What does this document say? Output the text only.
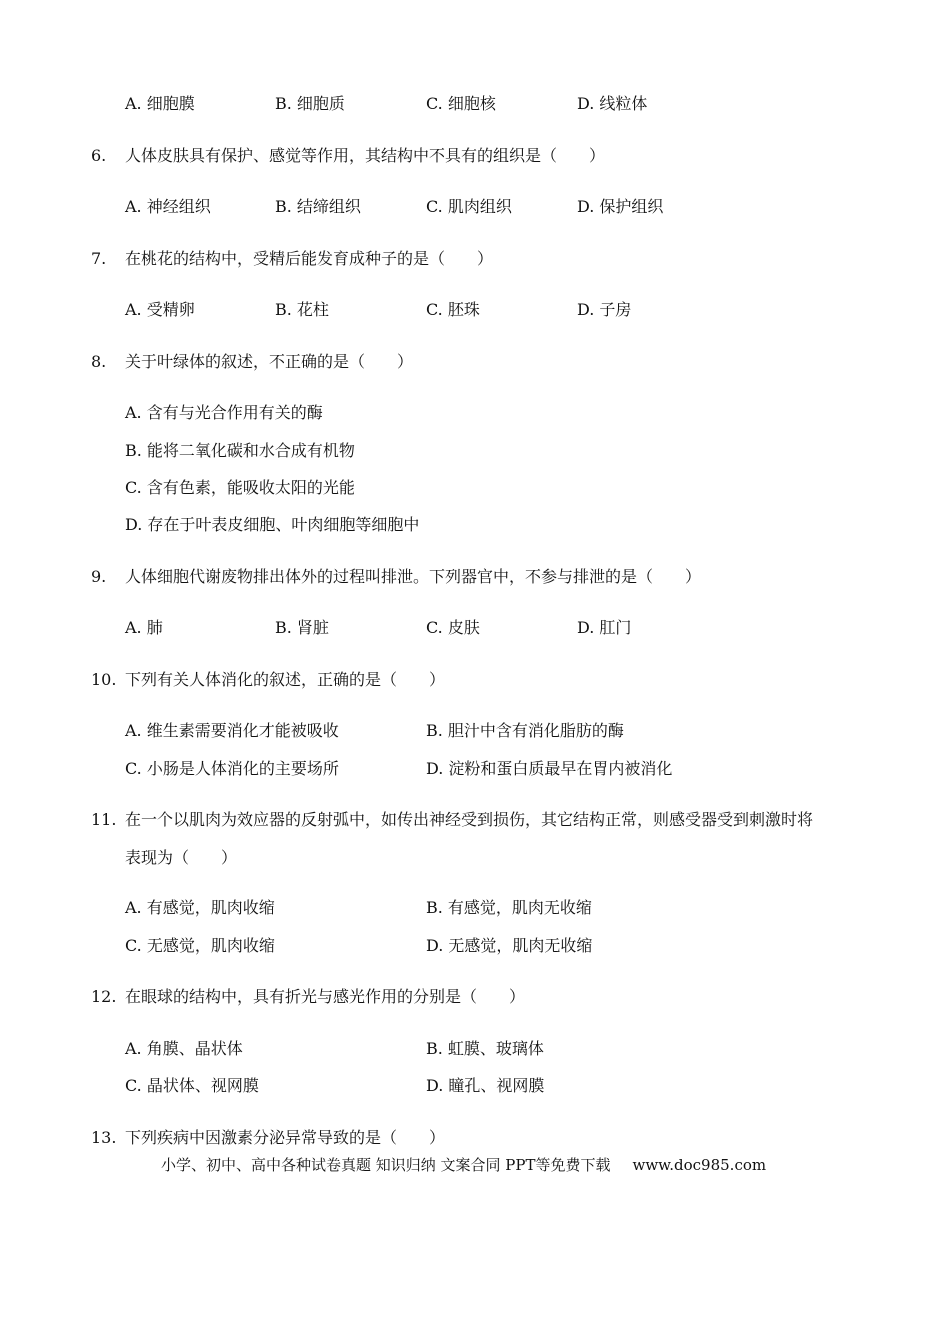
A. 细胞膜	B. 细胞质	C. 细胞核	D. 线粒体
6. 人体皮肤具有保护、感觉等作用，其结构中不具有的组织是（　　）
A. 神经组织	B. 结缔组织	C. 肌肉组织	D. 保护组织
7. 在桃花的结构中，受精后能发育成种子的是（　　）
A. 受精卵	B. 花柱	C. 胚珠	D. 子房
8. 关于叶绿体的叙述，不正确的是（　　）
A. 含有与光合作用有关的酶
B. 能将二氧化碳和水合成有机物
C. 含有色素，能吸收太阳的光能
D. 存在于叶表皮细胞、叶肉细胞等细胞中
9. 人体细胞代谢废物排出体外的过程叫排泄。下列器官中，不参与排泄的是（　　）
A. 肺	B. 肾脏	C. 皮肤	D. 肛门
10. 下列有关人体消化的叙述，正确的是（　　）
A. 维生素需要消化才能被吸收	B. 胆汁中含有消化脂肪的酶
C. 小肠是人体消化的主要场所	D. 淀粉和蛋白质最早在胃内被消化
11. 在一个以肌肉为效应器的反射弧中，如传出神经受到损伤，其它结构正常，则感受器受到刺激时将
表现为（　　）
A. 有感觉，肌肉收缩	B. 有感觉，肌肉无收缩
C. 无感觉，肌肉收缩	D. 无感觉，肌肉无收缩
12. 在眼球的结构中，具有折光与感光作用的分别是（　　）
A. 角膜、晶状体	B. 虹膜、玻璃体
C. 晶状体、视网膜	D. 瞳孔、视网膜
13. 下列疾病中因激素分泌异常导致的是（　　）
小学、初中、高中各种试卷真题 知识归纳 文案合同 PPT等免费下载 www.doc985.com
